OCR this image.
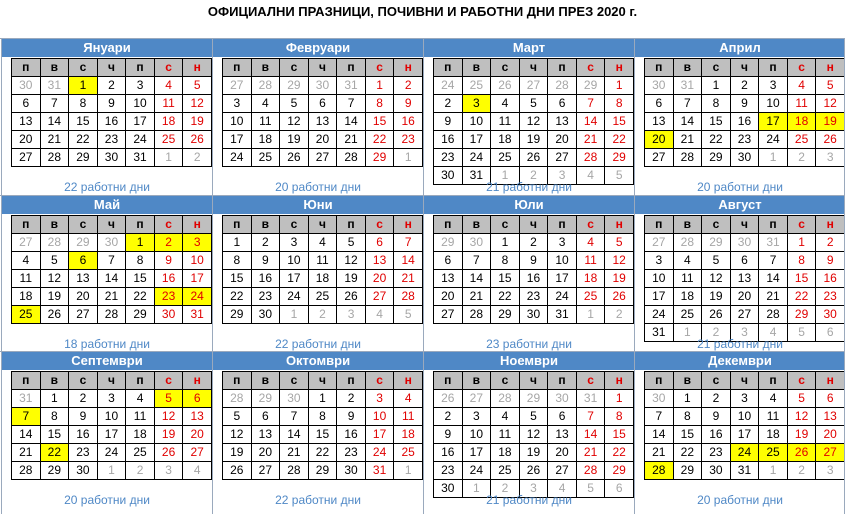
ОФИЦИАЛНИ ПРАЗНИЦИ, ПОЧИВНИ И РАБОТНИ ДНИ ПРЕЗ 2020 г.
Януари
п	в	с	ч	п	с	н
30	31	1	2	3	4	5
6	7	8	9	10	11	12
13	14	15	16	17	18	19
20	21	22	23	24	25	26
27	28	29	30	31	1	2
22 работни дни
Февруари
п	в	с	ч	п	с	н
27	28	29	30	31	1	2
3	4	5	6	7	8	9
10	11	12	13	14	15	16
17	18	19	20	21	22	23
24	25	26	27	28	29	1
20 работни дни
Март
п	в	с	ч	п	с	н
24	25	26	27	28	29	1
2	3	4	5	6	7	8
9	10	11	12	13	14	15
16	17	18	19	20	21	22
23	24	25	26	27	28	29
30	31	1	2	3	4	5
21 работни дни
Април
п	в	с	ч	п	с	н
30	31	1	2	3	4	5
6	7	8	9	10	11	12
13	14	15	16	17	18	19
20	21	22	23	24	25	26
27	28	29	30	1	2	3
20 работни дни
Май
п	в	с	ч	п	с	н
27	28	29	30	1	2	3
4	5	6	7	8	9	10
11	12	13	14	15	16	17
18	19	20	21	22	23	24
25	26	27	28	29	30	31
18 работни дни
Юни
п	в	с	ч	п	с	н
1	2	3	4	5	6	7
8	9	10	11	12	13	14
15	16	17	18	19	20	21
22	23	24	25	26	27	28
29	30	1	2	3	4	5
22 работни дни
Юли
п	в	с	ч	п	с	н
29	30	1	2	3	4	5
6	7	8	9	10	11	12
13	14	15	16	17	18	19
20	21	22	23	24	25	26
27	28	29	30	31	1	2
23 работни дни
Август
п	в	с	ч	п	с	н
27	28	29	30	31	1	2
3	4	5	6	7	8	9
10	11	12	13	14	15	16
17	18	19	20	21	22	23
24	25	26	27	28	29	30
31	1	2	3	4	5	6
21 работни дни
Септември
п	в	с	ч	п	с	н
31	1	2	3	4	5	6
7	8	9	10	11	12	13
14	15	16	17	18	19	20
21	22	23	24	25	26	27
28	29	30	1	2	3	4
20 работни дни
Октомври
п	в	с	ч	п	с	н
28	29	30	1	2	3	4
5	6	7	8	9	10	11
12	13	14	15	16	17	18
19	20	21	22	23	24	25
26	27	28	29	30	31	1
22 работни дни
Ноември
п	в	с	ч	п	с	н
26	27	28	29	30	31	1
2	3	4	5	6	7	8
9	10	11	12	13	14	15
16	17	18	19	20	21	22
23	24	25	26	27	28	29
30	1	2	3	4	5	6
21 работни дни
Декември
п	в	с	ч	п	с	н
30	1	2	3	4	5	6
7	8	9	10	11	12	13
14	15	16	17	18	19	20
21	22	23	24	25	26	27
28	29	30	31	1	2	3
20 работни дни
